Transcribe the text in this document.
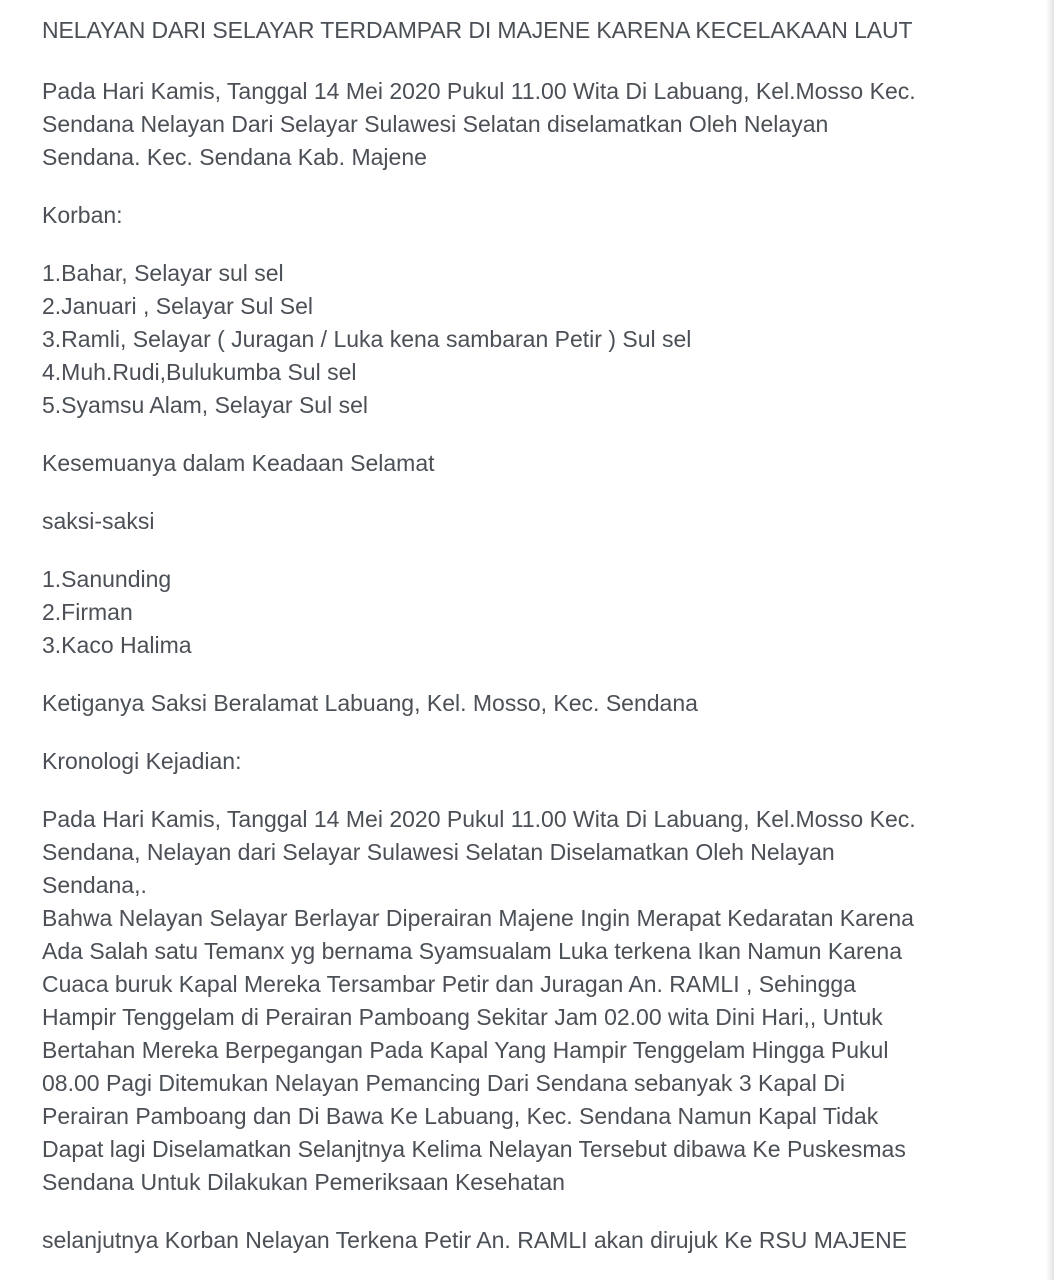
NELAYAN DARI SELAYAR TERDAMPAR DI MAJENE KARENA KECELAKAAN LAUT

Pada Hari Kamis, Tanggal 14 Mei 2020 Pukul 11.00 Wita Di Labuang, Kel.Mosso Kec.
Sendana Nelayan Dari Selayar Sulawesi Selatan diselamatkan Oleh Nelayan
Sendana. Kec. Sendana Kab. Majene

Korban:

1.Bahar, Selayar sul sel
2.Januari , Selayar Sul Sel
3.Ramli, Selayar ( Juragan / Luka kena sambaran Petir ) Sul sel
4.Muh.Rudi,Bulukumba Sul sel
5.Syamsu Alam, Selayar Sul sel

Kesemuanya dalam Keadaan Selamat

saksi-saksi

1.Sanunding
2.Firman
3.Kaco Halima

Ketiganya Saksi Beralamat Labuang, Kel. Mosso, Kec. Sendana

Kronologi Kejadian:

Pada Hari Kamis, Tanggal 14 Mei 2020 Pukul 11.00 Wita Di Labuang, Kel.Mosso Kec.
Sendana, Nelayan dari Selayar Sulawesi Selatan Diselamatkan Oleh Nelayan
Sendana,.
Bahwa Nelayan Selayar Berlayar Diperairan Majene Ingin Merapat Kedaratan Karena
Ada Salah satu Temanx yg bernama Syamsualam Luka terkena Ikan Namun Karena
Cuaca buruk Kapal Mereka Tersambar Petir dan Juragan An. RAMLI , Sehingga
Hampir Tenggelam di Perairan Pamboang Sekitar Jam 02.00 wita Dini Hari,, Untuk
Bertahan Mereka Berpegangan Pada Kapal Yang Hampir Tenggelam Hingga Pukul
08.00 Pagi Ditemukan Nelayan Pemancing Dari Sendana sebanyak 3 Kapal Di
Perairan Pamboang dan Di Bawa Ke Labuang, Kec. Sendana Namun Kapal Tidak
Dapat lagi Diselamatkan Selanjtnya Kelima Nelayan Tersebut dibawa Ke Puskesmas
Sendana Untuk Dilakukan Pemeriksaan Kesehatan

selanjutnya Korban Nelayan Terkena Petir An. RAMLI akan dirujuk Ke RSU MAJENE
